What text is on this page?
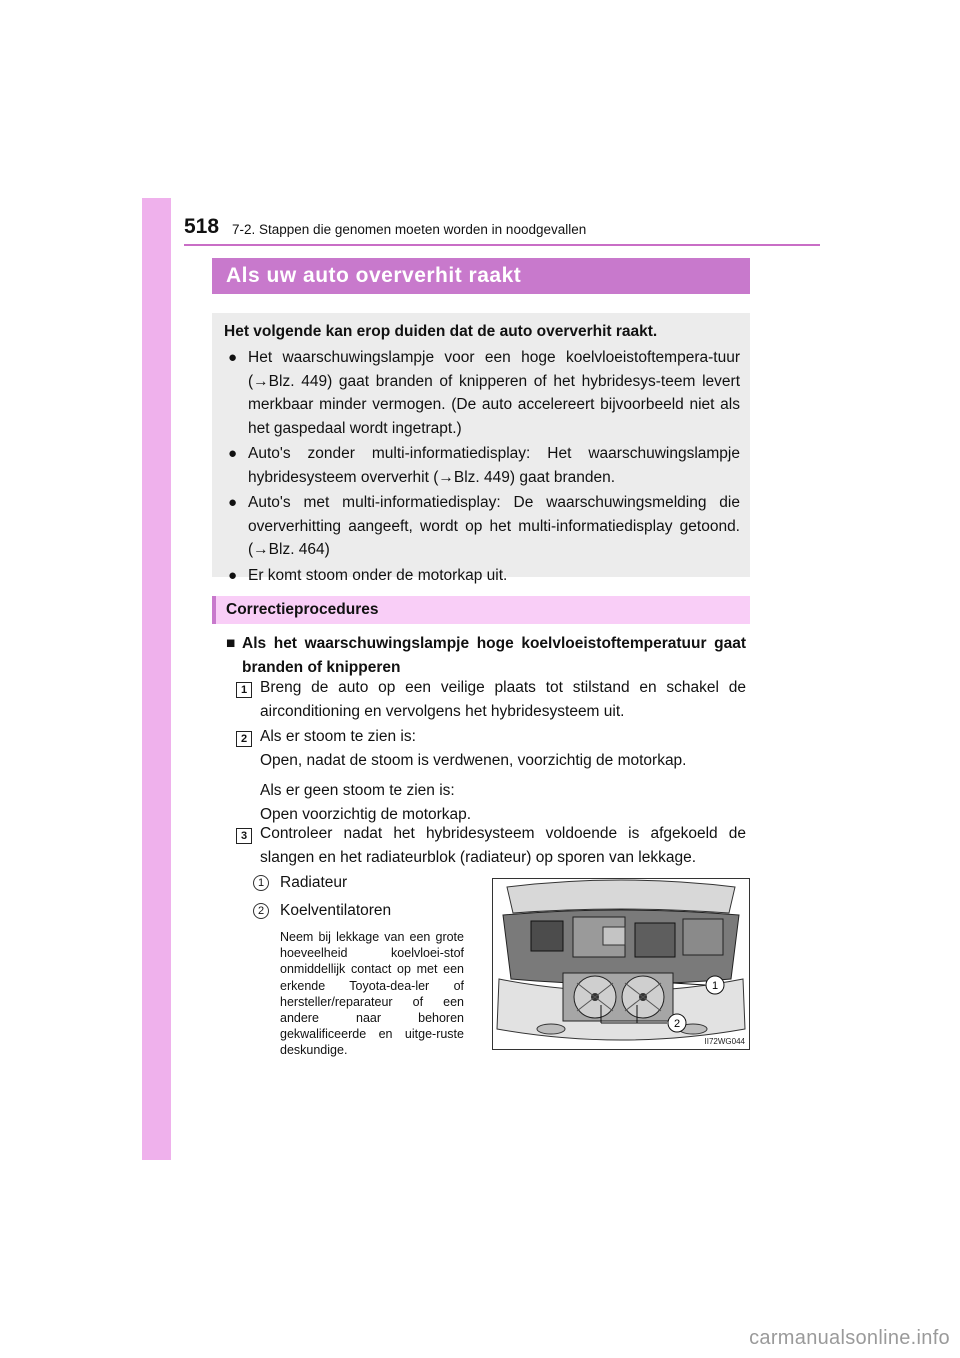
518 7-2. Stappen die genomen moeten worden in noodgevallen
Als uw auto oververhit raakt
Het volgende kan erop duiden dat de auto oververhit raakt.
● Het waarschuwingslampje voor een hoge koelvloeistoftempera-tuur (→Blz. 449) gaat branden of knipperen of het hybridesys-teem levert merkbaar minder vermogen. (De auto accelereert bijvoorbeeld niet als het gaspedaal wordt ingetrapt.)
● Auto's zonder multi-informatiedisplay: Het waarschuwingslampje hybridesysteem oververhit (→Blz. 449) gaat branden.
● Auto's met multi-informatiedisplay: De waarschuwingsmelding die oververhitting aangeeft, wordt op het multi-informatiedisplay getoond. (→Blz. 464)
● Er komt stoom onder de motorkap uit.
Correctieprocedures
■ Als het waarschuwingslampje hoge koelvloeistoftemperatuur gaat branden of knipperen
1 Breng de auto op een veilige plaats tot stilstand en schakel de airconditioning en vervolgens het hybridesysteem uit.
2 Als er stoom te zien is:
Open, nadat de stoom is verdwenen, voorzichtig de motorkap.
Als er geen stoom te zien is:
Open voorzichtig de motorkap.
3 Controleer nadat het hybridesysteem voldoende is afgekoeld de slangen en het radiateurblok (radiateur) op sporen van lekkage.
1	Radiateur
2	Koelventilatoren
Neem bij lekkage van een grote hoeveelheid koelvloei-stof onmiddellijk contact op met een erkende Toyota-dea-ler of hersteller/reparateur of een andere naar behoren gekwalificeerde en uitge-ruste deskundige.
1
2
II72WG044
carmanualsonline.info
